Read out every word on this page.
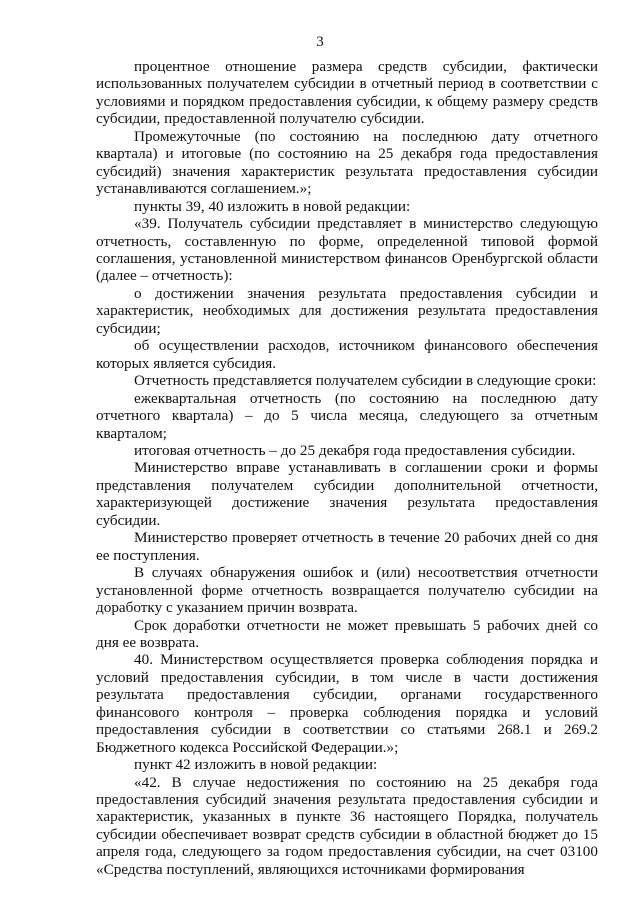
3

процентное отношение размера средств субсидии, фактически использованных получателем субсидии в отчетный период в соответствии с условиями и порядком предоставления субсидии, к общему размеру средств субсидии, предоставленной получателю субсидии.

Промежуточные (по состоянию на последнюю дату отчетного квартала) и итоговые (по состоянию на 25 декабря года предоставления субсидий) значения характеристик результата предоставления субсидии устанавливаются соглашением.»;

пункты 39, 40 изложить в новой редакции:

«39. Получатель субсидии представляет в министерство следующую отчетность, составленную по форме, определенной типовой формой соглашения, установленной министерством финансов Оренбургской области (далее – отчетность):

о достижении значения результата предоставления субсидии и характеристик, необходимых для достижения результата предоставления субсидии;

об осуществлении расходов, источником финансового обеспечения которых является субсидия.

Отчетность представляется получателем субсидии в следующие сроки:

ежеквартальная отчетность (по состоянию на последнюю дату отчетного квартала) – до 5 числа месяца, следующего за отчетным кварталом;

итоговая отчетность – до 25 декабря года предоставления субсидии.

Министерство вправе устанавливать в соглашении сроки и формы представления получателем субсидии дополнительной отчетности, характеризующей достижение значения результата предоставления субсидии.

Министерство проверяет отчетность в течение 20 рабочих дней со дня ее поступления.

В случаях обнаружения ошибок и (или) несоответствия отчетности установленной форме отчетность возвращается получателю субсидии на доработку с указанием причин возврата.

Срок доработки отчетности не может превышать 5 рабочих дней со дня ее возврата.

40. Министерством осуществляется проверка соблюдения порядка и условий предоставления субсидии, в том числе в части достижения результата предоставления субсидии, органами государственного финансового контроля – проверка соблюдения порядка и условий предоставления субсидии в соответствии со статьями 268.1 и 269.2 Бюджетного кодекса Российской Федерации.»;

пункт 42 изложить в новой редакции:

«42. В случае недостижения по состоянию на 25 декабря года предоставления субсидий значения результата предоставления субсидии и характеристик, указанных в пункте 36 настоящего Порядка, получатель субсидии обеспечивает возврат средств субсидии в областной бюджет до 15 апреля года, следующего за годом предоставления субсидии, на счет 03100 «Средства поступлений, являющихся источниками формирования
